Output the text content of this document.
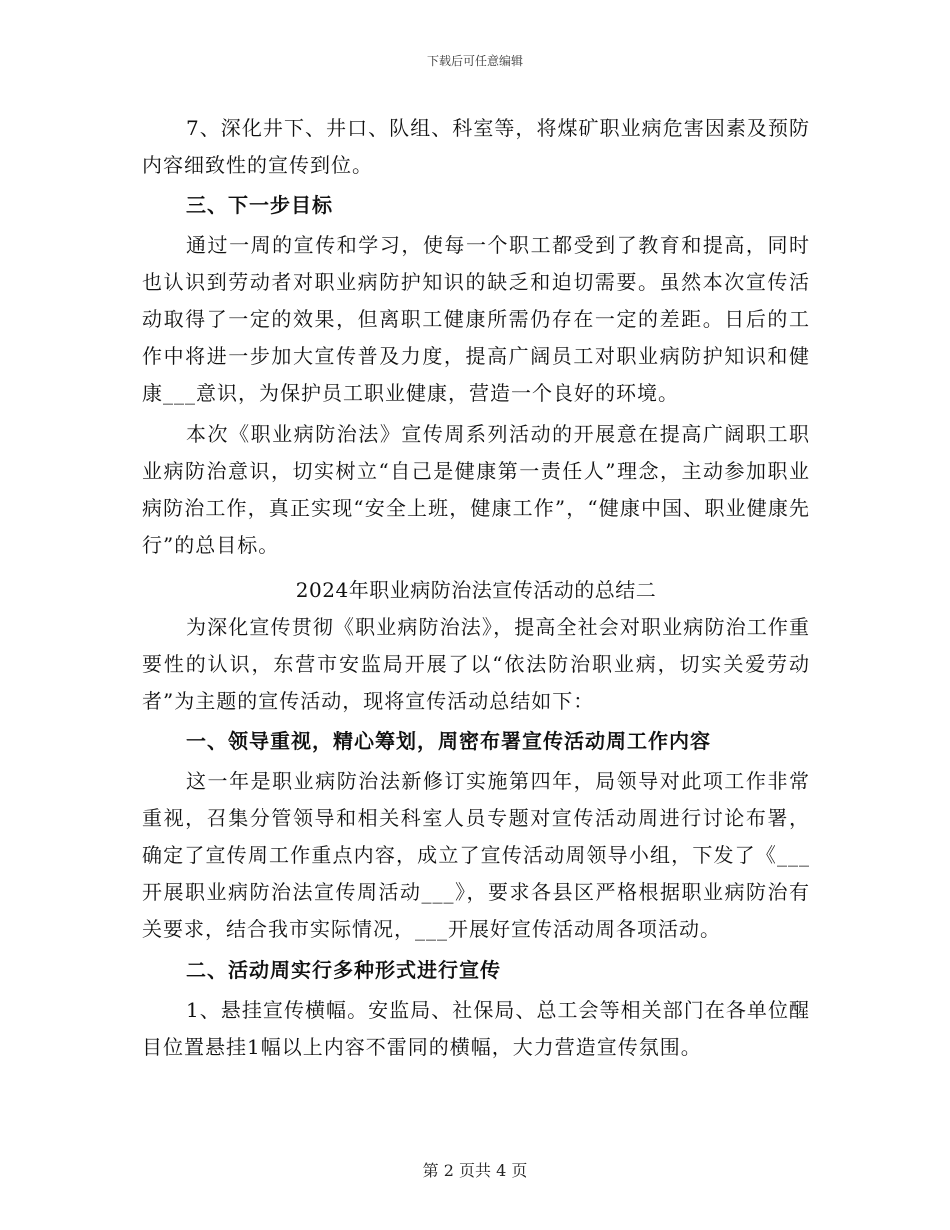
下载后可任意编辑

7、深化井下、井口、队组、科室等，将煤矿职业病危害因素及预防内容细致性的宣传到位。

三、下一步目标

通过一周的宣传和学习，使每一个职工都受到了教育和提高，同时也认识到劳动者对职业病防护知识的缺乏和迫切需要。虽然本次宣传活动取得了一定的效果，但离职工健康所需仍存在一定的差距。日后的工作中将进一步加大宣传普及力度，提高广阔员工对职业病防护知识和健康___意识，为保护员工职业健康，营造一个良好的环境。

本次《职业病防治法》宣传周系列活动的开展意在提高广阔职工职业病防治意识，切实树立“自己是健康第一责任人”理念，主动参加职业病防治工作，真正实现“安全上班，健康工作”，“健康中国、职业健康先行”的总目标。

2024年职业病防治法宣传活动的总结二

为深化宣传贯彻《职业病防治法》，提高全社会对职业病防治工作重要性的认识，东营市安监局开展了以“依法防治职业病，切实关爱劳动者”为主题的宣传活动，现将宣传活动总结如下：

一、领导重视，精心筹划，周密布署宣传活动周工作内容

这一年是职业病防治法新修订实施第四年，局领导对此项工作非常重视，召集分管领导和相关科室人员专题对宣传活动周进行讨论布署，确定了宣传周工作重点内容，成立了宣传活动周领导小组，下发了《___开展职业病防治法宣传周活动___》，要求各县区严格根据职业病防治有关要求，结合我市实际情况，___开展好宣传活动周各项活动。

二、活动周实行多种形式进行宣传

1、悬挂宣传横幅。安监局、社保局、总工会等相关部门在各单位醒目位置悬挂1幅以上内容不雷同的横幅，大力营造宣传氛围。

第 2 页共 4 页
